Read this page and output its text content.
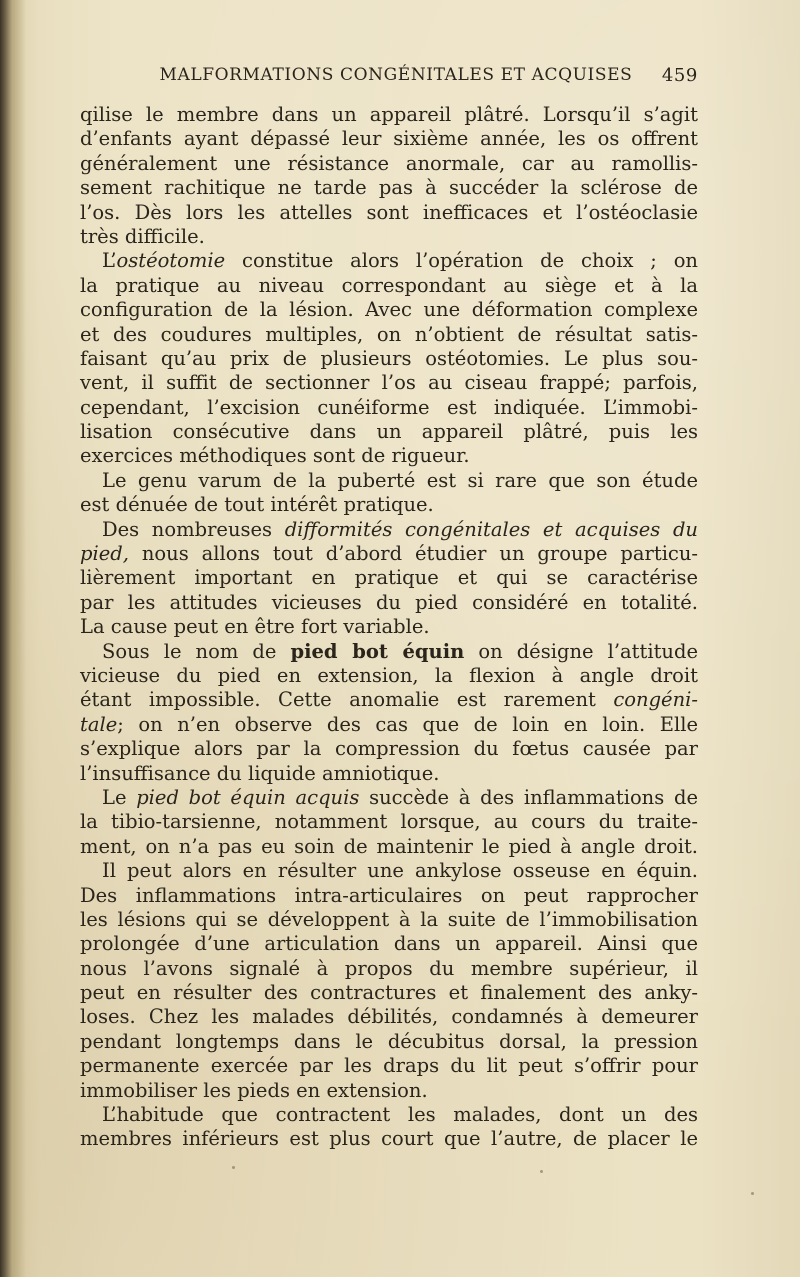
MALFORMATIONS CONGÉNITALES ET ACQUISES	459
qilise le membre dans un appareil plâtré. Lorsqu’il s’agit
d’enfants ayant dépassé leur sixième année, les os offrent
généralement une résistance anormale, car au ramollis-
sement rachitique ne tarde pas à succéder la sclérose de
l’os. Dès lors les attelles sont inefficaces et l’ostéoclasie
très difficile.
L’ostéotomie constitue alors l’opération de choix ; on
la pratique au niveau correspondant au siège et à la
configuration de la lésion. Avec une déformation complexe
et des coudures multiples, on n’obtient de résultat satis-
faisant qu’au prix de plusieurs ostéotomies. Le plus sou-
vent, il suffit de sectionner l’os au ciseau frappé; parfois,
cependant, l’excision cunéiforme est indiquée. L’immobi-
lisation consécutive dans un appareil plâtré, puis les
exercices méthodiques sont de rigueur.
Le genu varum de la puberté est si rare que son étude
est dénuée de tout intérêt pratique.
Des nombreuses difformités congénitales et acquises du
pied, nous allons tout d’abord étudier un groupe particu-
lièrement important en pratique et qui se caractérise
par les attitudes vicieuses du pied considéré en totalité.
La cause peut en être fort variable.
Sous le nom de pied bot équin on désigne l’attitude
vicieuse du pied en extension, la flexion à angle droit
étant impossible. Cette anomalie est rarement congéni-
tale; on n’en observe des cas que de loin en loin. Elle
s’explique alors par la compression du fœtus causée par
l’insuffisance du liquide amniotique.
Le pied bot équin acquis succède à des inflammations de
la tibio-tarsienne, notamment lorsque, au cours du traite-
ment, on n’a pas eu soin de maintenir le pied à angle droit.
Il peut alors en résulter une ankylose osseuse en équin.
Des inflammations intra-articulaires on peut rapprocher
les lésions qui se développent à la suite de l’immobilisation
prolongée d’une articulation dans un appareil. Ainsi que
nous l’avons signalé à propos du membre supérieur, il
peut en résulter des contractures et finalement des anky-
loses. Chez les malades débilités, condamnés à demeurer
pendant longtemps dans le décubitus dorsal, la pression
permanente exercée par les draps du lit peut s’offrir pour
immobiliser les pieds en extension.
L’habitude que contractent les malades, dont un des
membres inférieurs est plus court que l’autre, de placer le
